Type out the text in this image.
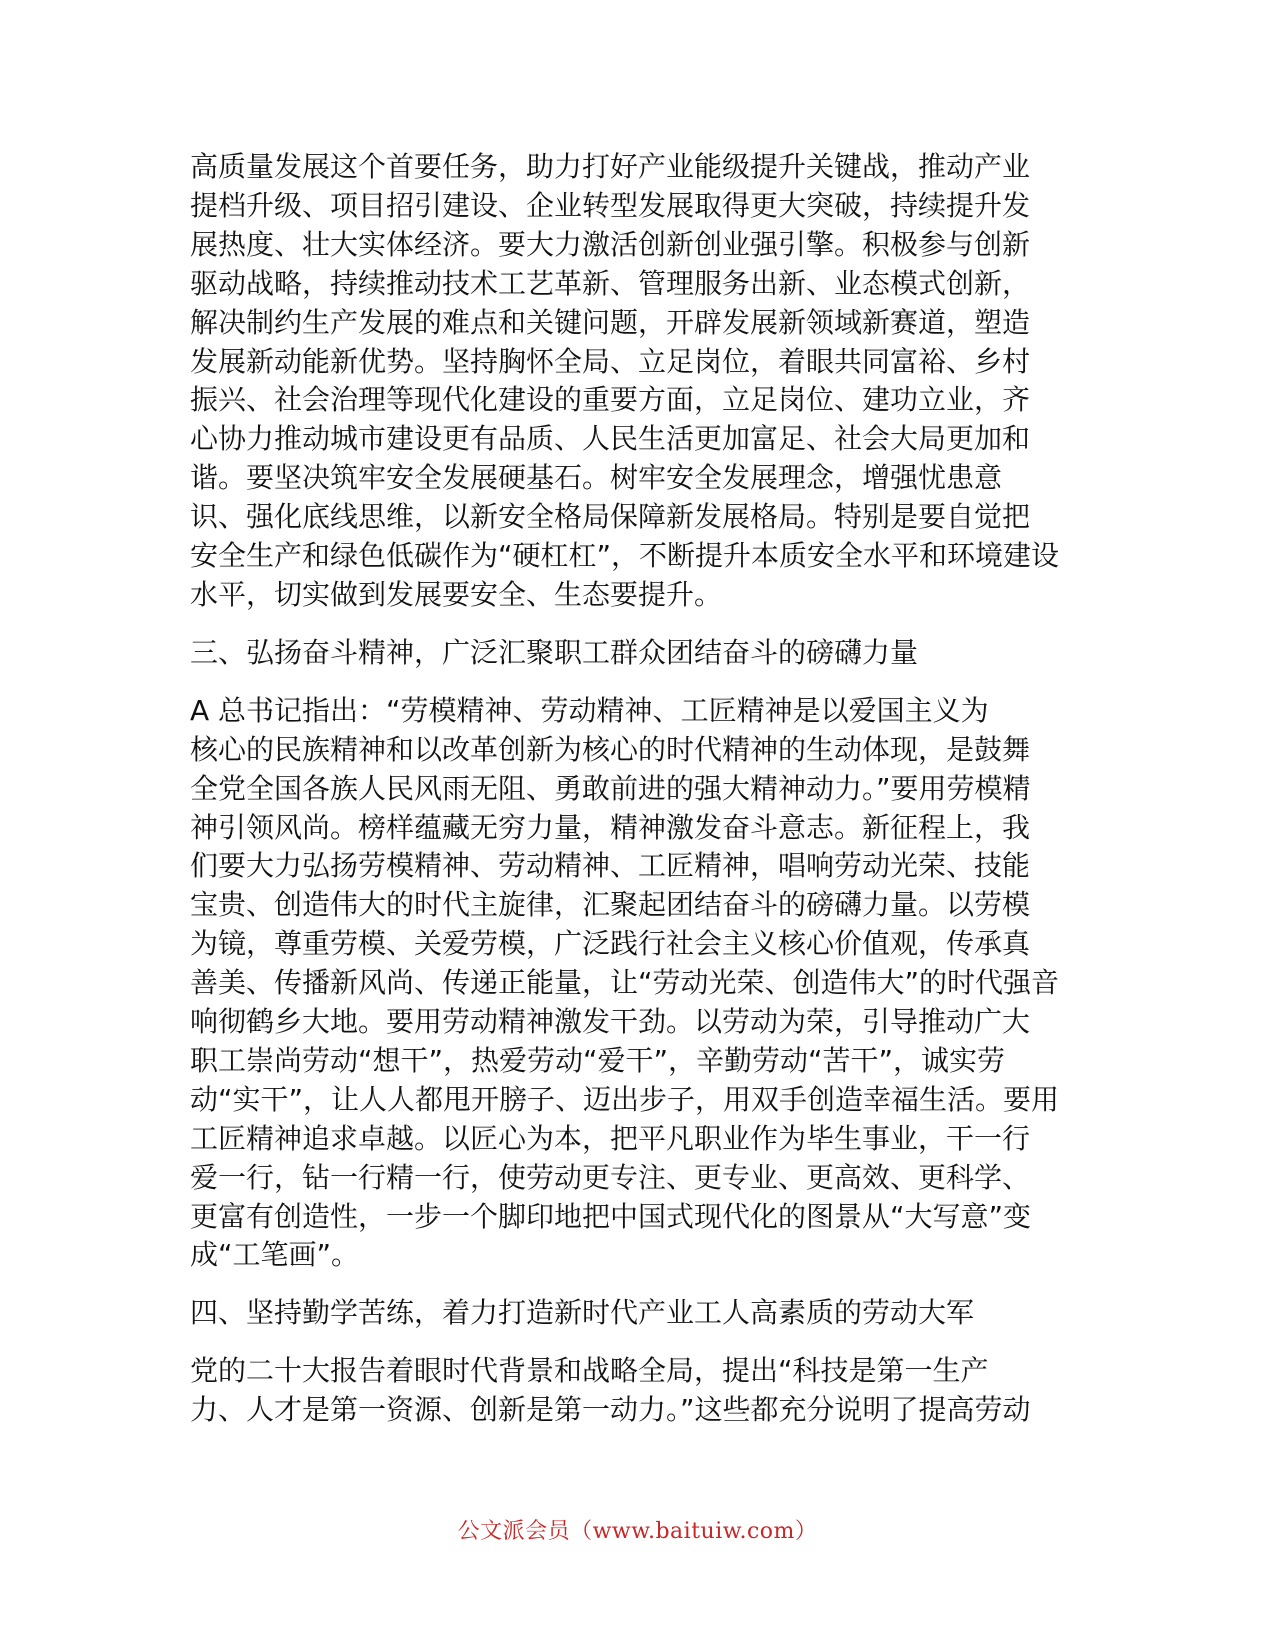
高质量发展这个首要任务，助力打好产业能级提升关键战，推动产业
提档升级、项目招引建设、企业转型发展取得更大突破，持续提升发
展热度、壮大实体经济。要大力激活创新创业强引擎。积极参与创新
驱动战略，持续推动技术工艺革新、管理服务出新、业态模式创新，
解决制约生产发展的难点和关键问题，开辟发展新领域新赛道，塑造
发展新动能新优势。坚持胸怀全局、立足岗位，着眼共同富裕、乡村
振兴、社会治理等现代化建设的重要方面，立足岗位、建功立业，齐
心协力推动城市建设更有品质、人民生活更加富足、社会大局更加和
谐。要坚决筑牢安全发展硬基石。树牢安全发展理念，增强忧患意
识、强化底线思维，以新安全格局保障新发展格局。特别是要自觉把
安全生产和绿色低碳作为“硬杠杠”，不断提升本质安全水平和环境建设
水平，切实做到发展要安全、生态要提升。

三、弘扬奋斗精神，广泛汇聚职工群众团结奋斗的磅礴力量

A 总书记指出：“劳模精神、劳动精神、工匠精神是以爱国主义为
核心的民族精神和以改革创新为核心的时代精神的生动体现，是鼓舞
全党全国各族人民风雨无阻、勇敢前进的强大精神动力。”要用劳模精
神引领风尚。榜样蕴藏无穷力量，精神激发奋斗意志。新征程上，我
们要大力弘扬劳模精神、劳动精神、工匠精神，唱响劳动光荣、技能
宝贵、创造伟大的时代主旋律，汇聚起团结奋斗的磅礴力量。以劳模
为镜，尊重劳模、关爱劳模，广泛践行社会主义核心价值观，传承真
善美、传播新风尚、传递正能量，让“劳动光荣、创造伟大”的时代强音
响彻鹤乡大地。要用劳动精神激发干劲。以劳动为荣，引导推动广大
职工崇尚劳动“想干”，热爱劳动“爱干”，辛勤劳动“苦干”，诚实劳
动“实干”，让人人都甩开膀子、迈出步子，用双手创造幸福生活。要用
工匠精神追求卓越。以匠心为本，把平凡职业作为毕生事业，干一行
爱一行，钻一行精一行，使劳动更专注、更专业、更高效、更科学、
更富有创造性，一步一个脚印地把中国式现代化的图景从“大写意”变
成“工笔画”。

四、坚持勤学苦练，着力打造新时代产业工人高素质的劳动大军

党的二十大报告着眼时代背景和战略全局，提出“科技是第一生产
力、人才是第一资源、创新是第一动力。”这些都充分说明了提高劳动

公文派会员（www.baituiw.com）
